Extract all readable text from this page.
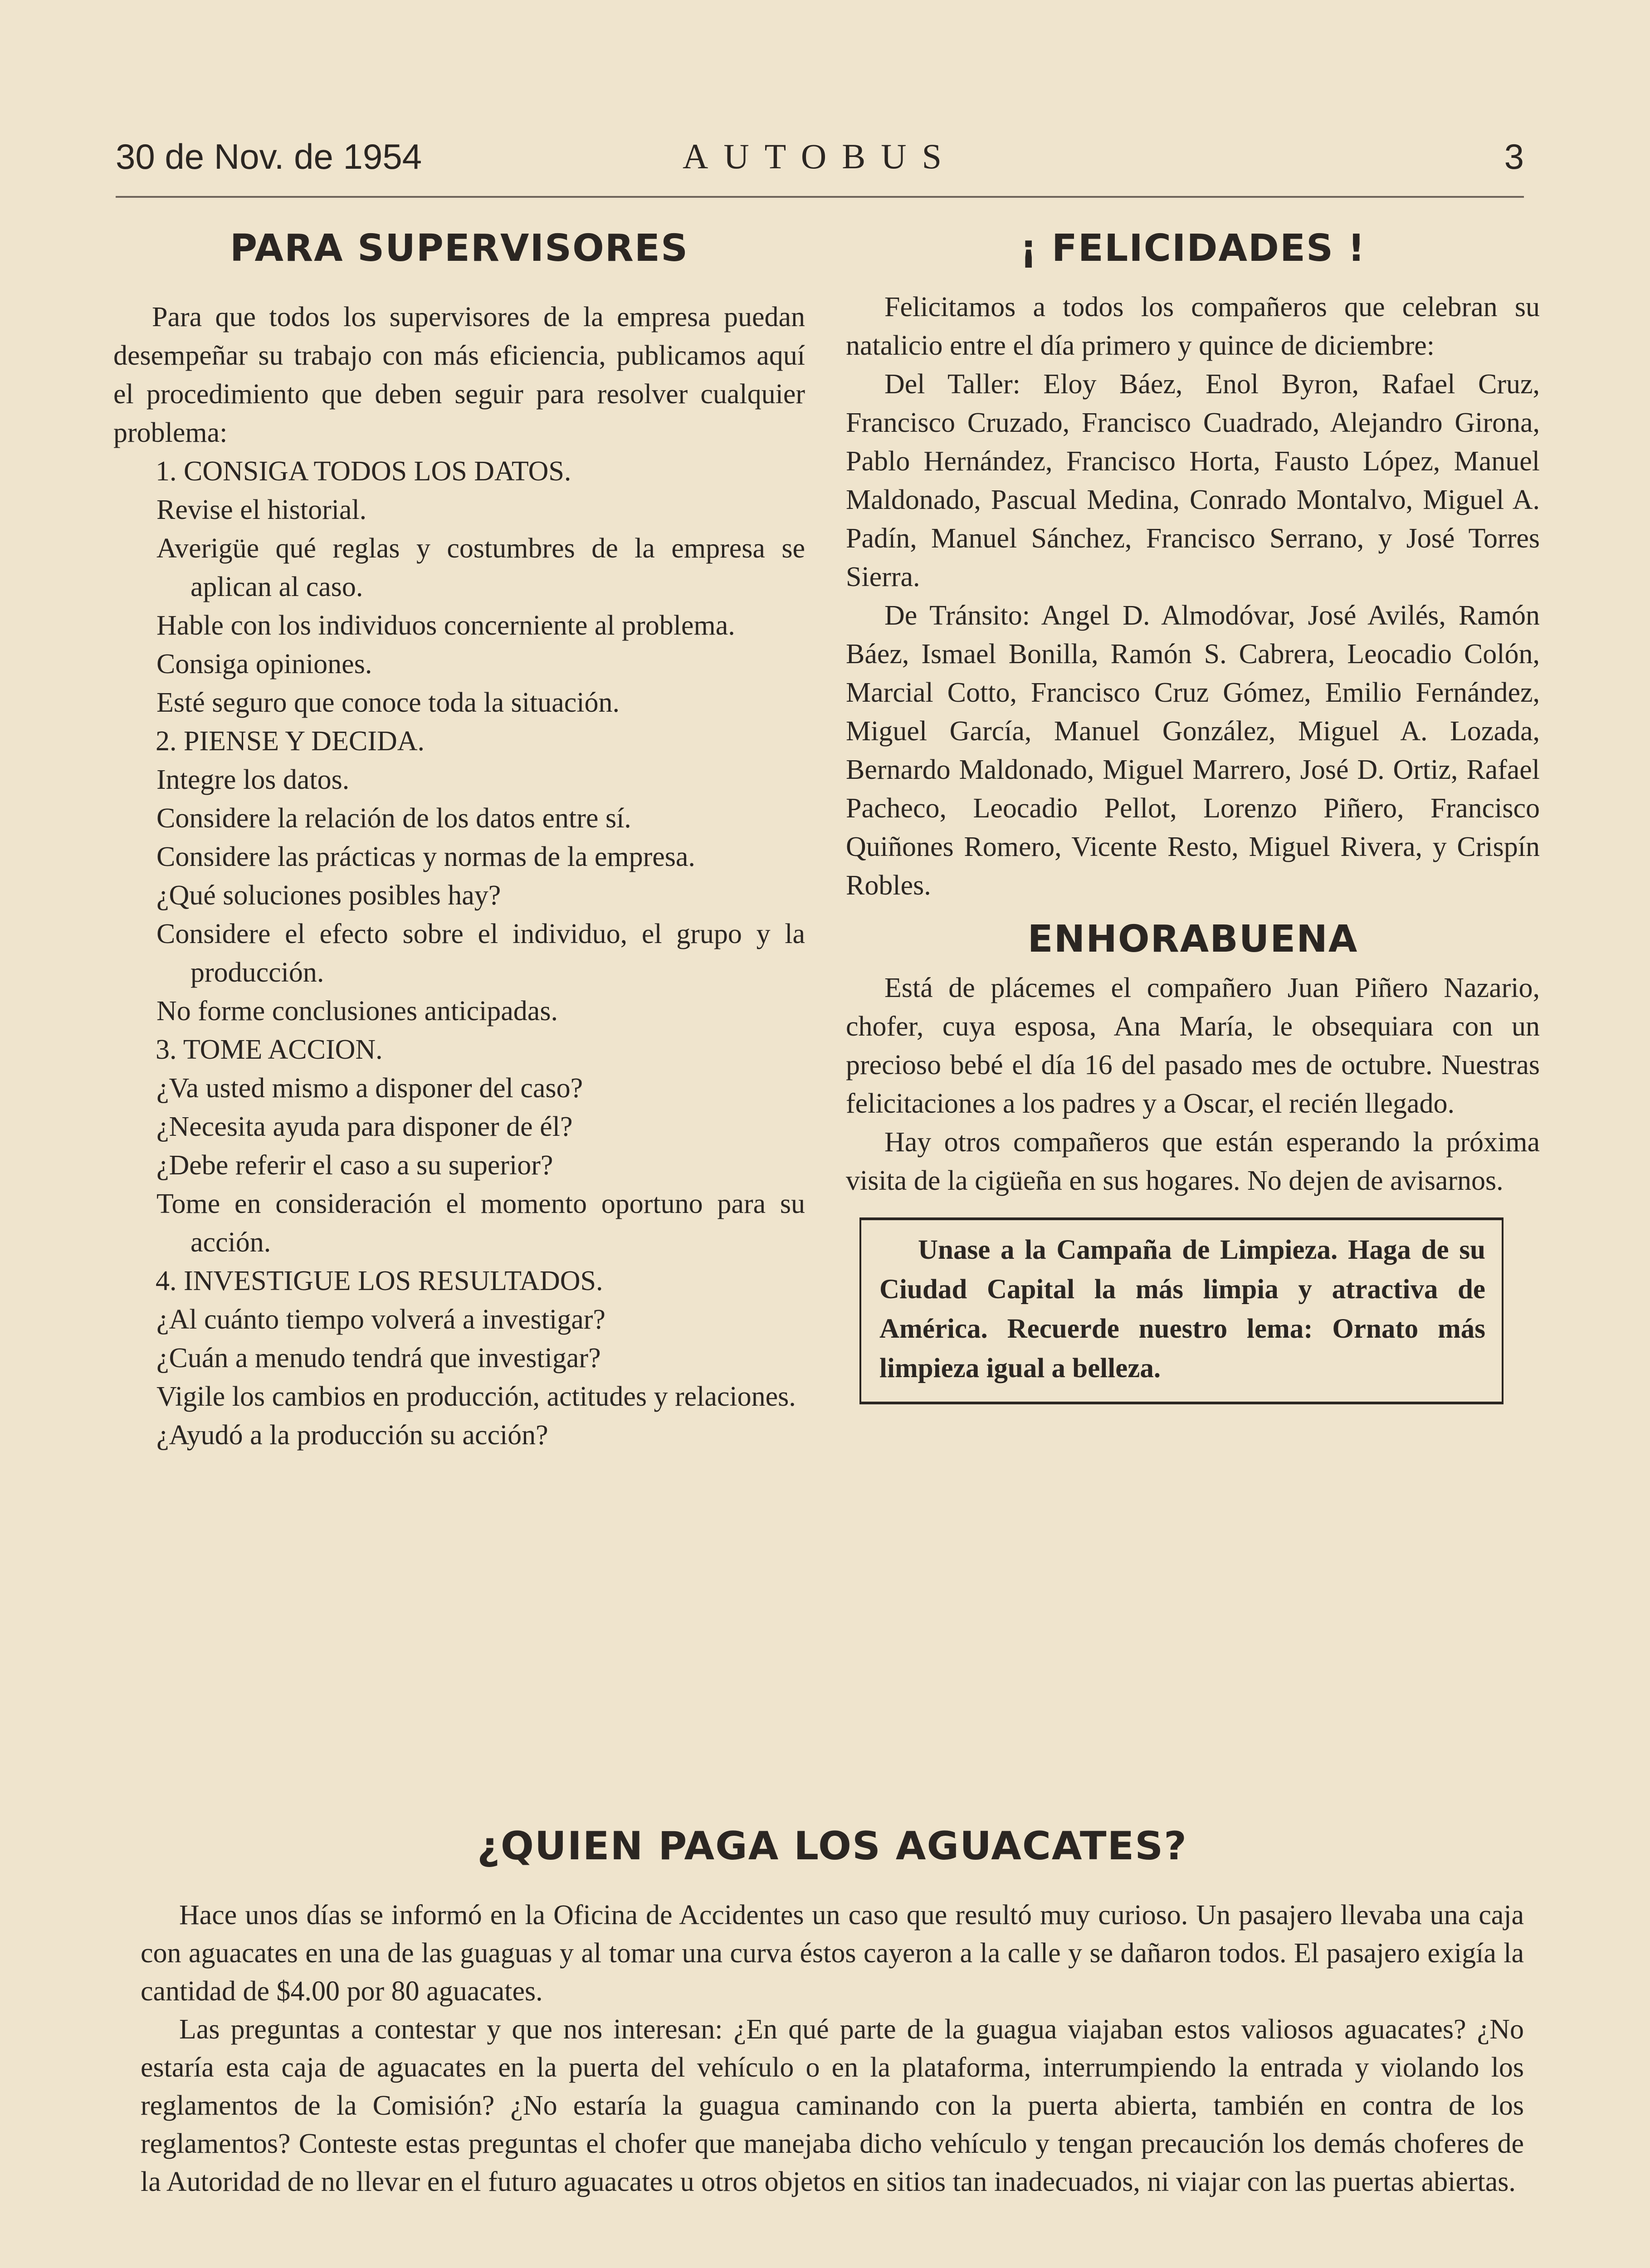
30 de Nov. de 1954	AUTOBUS	3
PARA SUPERVISORES

Para que todos los supervisores de la empresa puedan desempeñar su trabajo con más eficiencia, publicamos aquí el procedimiento que deben seguir para resolver cualquier problema:

1. CONSIGA TODOS LOS DATOS.

Revise el historial.

Averigüe qué reglas y costumbres de la empresa se aplican al caso.

Hable con los individuos concerniente al problema.

Consiga opiniones.

Esté seguro que conoce toda la situación.

2. PIENSE Y DECIDA.

Integre los datos.

Considere la relación de los datos entre sí.

Considere las prácticas y normas de la empresa.

¿Qué soluciones posibles hay?

Considere el efecto sobre el individuo, el grupo y la producción.

No forme conclusiones anticipadas.

3. TOME ACCION.

¿Va usted mismo a disponer del caso?

¿Necesita ayuda para disponer de él?

¿Debe referir el caso a su superior?

Tome en consideración el momento oportuno para su acción.

4. INVESTIGUE LOS RESULTADOS.

¿Al cuánto tiempo volverá a investigar?

¿Cuán a menudo tendrá que investigar?

Vigile los cambios en producción, actitudes y relaciones.

¿Ayudó a la producción su acción?

¡ FELICIDADES !

Felicitamos a todos los compañeros que celebran su natalicio entre el día primero y quince de diciembre:

Del Taller: Eloy Báez, Enol Byron, Rafael Cruz, Francisco Cruzado, Francisco Cuadrado, Alejandro Girona, Pablo Hernández, Francisco Horta, Fausto López, Manuel Maldonado, Pascual Medina, Conrado Montalvo, Miguel A. Padín, Manuel Sánchez, Francisco Serrano, y José Torres Sierra.

De Tránsito: Angel D. Almodóvar, José Avilés, Ramón Báez, Ismael Bonilla, Ramón S. Cabrera, Leocadio Colón, Marcial Cotto, Francisco Cruz Gómez, Emilio Fernández, Miguel García, Manuel González, Miguel A. Lozada, Bernardo Maldonado, Miguel Marrero, José D. Ortiz, Rafael Pacheco, Leocadio Pellot, Lorenzo Piñero, Francisco Quiñones Romero, Vicente Resto, Miguel Rivera, y Crispín Robles.

ENHORABUENA

Está de plácemes el compañero Juan Piñero Nazario, chofer, cuya esposa, Ana María, le obsequiara con un precioso bebé el día 16 del pasado mes de octubre. Nuestras felicitaciones a los padres y a Oscar, el recién llegado.

Hay otros compañeros que están esperando la próxima visita de la cigüeña en sus hogares. No dejen de avisarnos.

Unase a la Campaña de Limpieza. Haga de su Ciudad Capital la más limpia y atractiva de América. Recuerde nuestro lema: Ornato más limpieza igual a belleza.

¿QUIEN PAGA LOS AGUACATES?

Hace unos días se informó en la Oficina de Accidentes un caso que resultó muy curioso. Un pasajero llevaba una caja con aguacates en una de las guaguas y al tomar una curva éstos cayeron a la calle y se dañaron todos. El pasajero exigía la cantidad de $4.00 por 80 aguacates.

Las preguntas a contestar y que nos interesan: ¿En qué parte de la guagua viajaban estos valiosos aguacates? ¿No estaría esta caja de aguacates en la puerta del vehículo o en la plataforma, interrumpiendo la entrada y violando los reglamentos de la Comisión? ¿No estaría la guagua caminando con la puerta abierta, también en contra de los reglamentos? Conteste estas preguntas el chofer que manejaba dicho vehículo y tengan precaución los demás choferes de la Autoridad de no llevar en el futuro aguacates u otros objetos en sitios tan inadecuados, ni viajar con las puertas abiertas.
